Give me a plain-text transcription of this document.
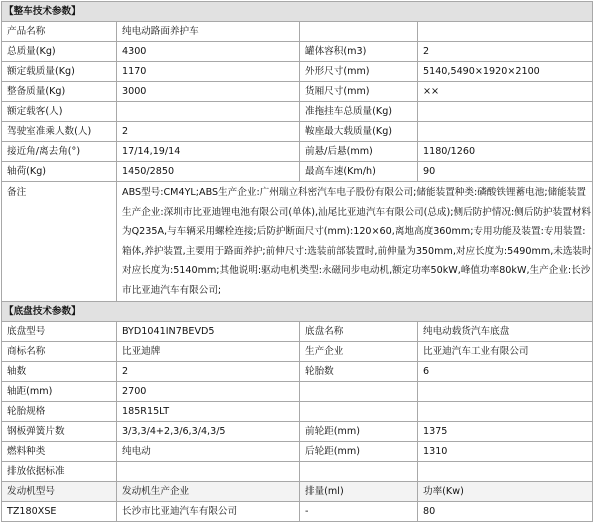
【整车技术参数】			
产品名称	纯电动路面养护车		
总质量(Kg)	4300	罐体容积(m3)	2
额定载质量(Kg)	1170	外形尺寸(mm)	5140,5490×1920×2100
整备质量(Kg)	3000	货厢尺寸(mm)	××
额定载客(人)		准拖挂车总质量(Kg)	
驾驶室准乘人数(人)	2	鞍座最大载质量(Kg)	
接近角/离去角(°)	17/14,19/14	前悬/后悬(mm)	1180/1260
轴荷(Kg)	1450/2850	最高车速(Km/h)	90
备注	ABS型号:CM4YL;ABS生产企业:广州瑞立科密汽车电子股份有限公司;储能装置种类:磷酸铁锂蓄电池;储能装置生产企业:深圳市比亚迪锂电池有限公司(单体),汕尾比亚迪汽车有限公司(总成);侧后防护情况:侧后防护装置材料为Q235A,与车辆采用螺栓连接;后防护断面尺寸(mm):120×60,离地高度360mm;专用功能及装置:专用装置:箱体,养护装置,主要用于路面养护;前伸尺寸:选装前部装置时,前伸量为350mm,对应长度为:5490mm,未选装时对应长度为:5140mm;其他说明:驱动电机类型:永磁同步电动机,额定功率50kW,峰值功率80kW,生产企业:长沙市比亚迪汽车有限公司;		
【底盘技术参数】			
底盘型号	BYD1041IN7BEVD5	底盘名称	纯电动载货汽车底盘
商标名称	比亚迪牌	生产企业	比亚迪汽车工业有限公司
轴数	2	轮胎数	6
轴距(mm)	2700		
轮胎规格	185R15LT		
钢板弹簧片数	3/3,3/4+2,3/6,3/4,3/5	前轮距(mm)	1375
燃料种类	纯电动	后轮距(mm)	1310
排放依据标准			
发动机型号	发动机生产企业	排量(ml)	功率(Kw)
TZ180XSE	长沙市比亚迪汽车有限公司	-	80
